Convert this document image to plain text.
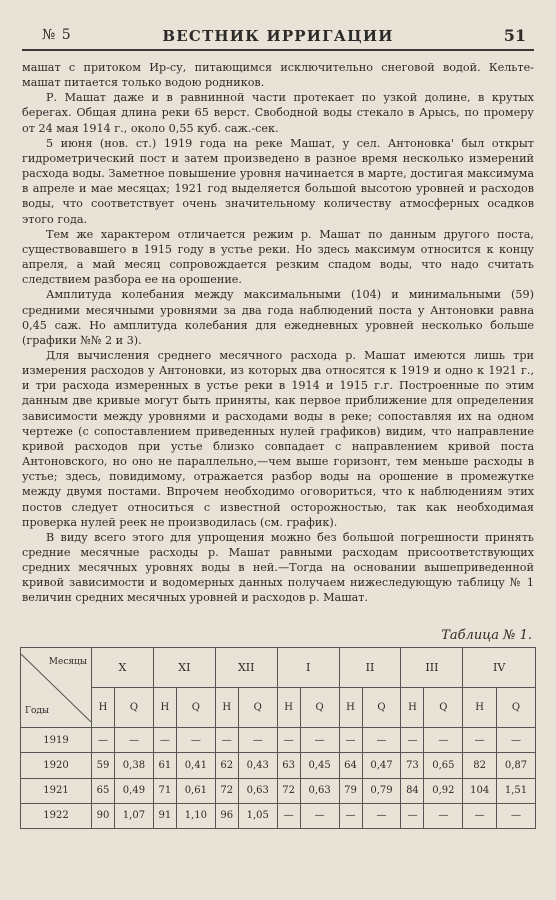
№ 5	ВЕСТНИК ИРРИГАЦИИ	51

машат с притоком Ир-су, питающимся исключительно снеговой водой. Кельте-машат питается только водою родников.

Р. Машат даже и в равнинной части протекает по узкой долине, в крутых берегах. Общая длина реки 65 верст. Свободной воды стекало в Арысь, по промеру от 24 мая 1914 г., около 0,55 куб. саж.-сек.

5 июня (нов. ст.) 1919 года на реке Машат, у сел. Антоновка' был открыт гидрометрический пост и затем произведено в разное время несколько измерений расхода воды. Заметное повышение уровня начинается в марте, достигая максимума в апреле и мае месяцах; 1921 год выделяется большой высотою уровней и расходов воды, что соответствует очень значительному количеству атмосферных осадков этого года.

Тем же характером отличается режим р. Машат по данным другого поста, существовавшего в 1915 году в устье реки. Но здесь максимум относится к концу апреля, а май месяц сопровождается резким спадом воды, что надо считать следствием разбора ее на орошение.

Амплитуда колебания между максимальными (104) и минимальными (59) средними месячными уровнями за два года наблюдений поста у Антоновки равна 0,45 саж. Но амплитуда колебания для ежедневных уровней несколько больше (графики №№ 2 и 3).

Для вычисления среднего месячного расхода р. Машат имеются лишь три измерения расходов у Антоновки, из которых два относятся к 1919 и одно к 1921 г., и три расхода измеренных в устье реки в 1914 и 1915 г.г. Построенные по этим данным две кривые могут быть приняты, как первое приближение для определения зависимости между уровнями и расходами воды в реке; сопоставляя их на одном чертеже (с сопоставлением приведенных нулей графиков) видим, что направление кривой расходов при устье близко совпадает с направлением кривой поста Антоновского, но оно не параллельно,—чем выше горизонт, тем меньше расходы в устье; здесь, повидимому, отражается разбор воды на орошение в промежутке между двумя постами. Впрочем необходимо оговориться, что к наблюдениям этих постов следует относиться с известной осторожностью, так как необходимая проверка нулей реек не производилась (см. график).

В виду всего этого для упрощения можно без большой погрешности принять средние месячные расходы р. Машат равными расходам присоответствующих средних месячных уровнях воды в ней.—Тогда на основании вышеприведенной кривой зависимости и водомерных данных получаем нижеследующую таблицу № 1 величин средних месячных уровней и расходов р. Машат.

Таблица № 1.
Месяцы
Годы	X		XI		XII		I		II		III		IV	
	H	Q	H	Q	H	Q	H	Q	H	Q	H	Q	H	Q
1919	—	—	—	—	—	—	—	—	—	—	—	—	—	—
1920	59	0,38	61	0,41	62	0,43	63	0,45	64	0,47	73	0,65	82	0,87
1921	65	0,49	71	0,61	72	0,63	72	0,63	79	0,79	84	0,92	104	1,51
1922	90	1,07	91	1,10	96	1,05	—	—	—	—	—	—	—	—
